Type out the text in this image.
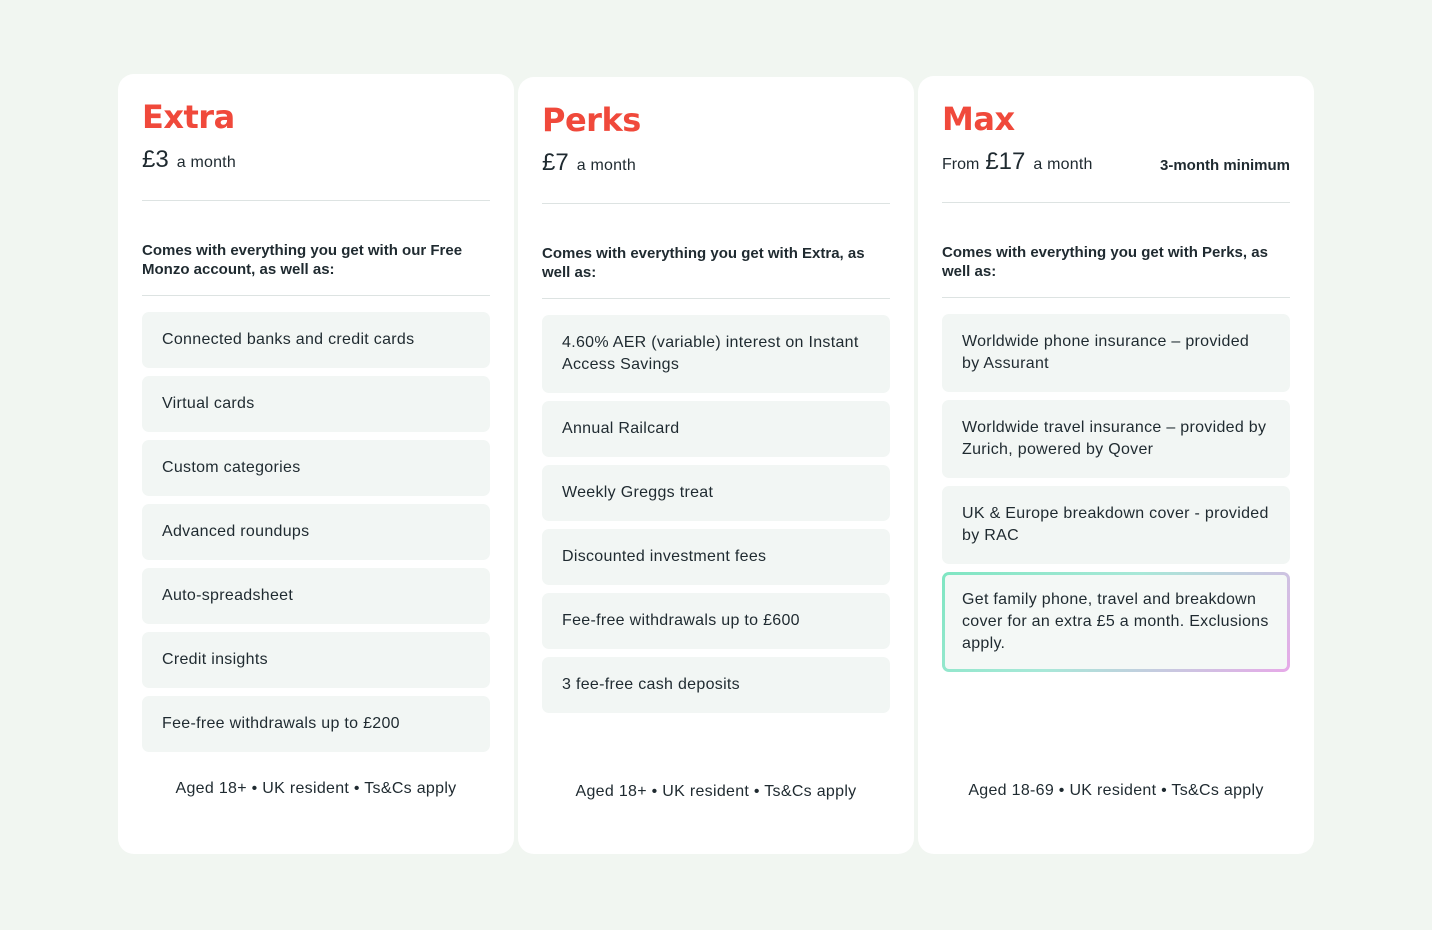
Extra
£3 a month
Comes with everything you get with our Free Monzo account, as well as:
Connected banks and credit cards
Virtual cards
Custom categories
Advanced roundups
Auto-spreadsheet
Credit insights
Fee-free withdrawals up to £200
Aged 18+ • UK resident • Ts&Cs apply
Perks
£7 a month
Comes with everything you get with Extra, as well as:
4.60% AER (variable) interest on Instant Access Savings
Annual Railcard
Weekly Greggs treat
Discounted investment fees
Fee-free withdrawals up to £600
3 fee-free cash deposits
Aged 18+ • UK resident • Ts&Cs apply
Max
From £17 a month	3-month minimum
Comes with everything you get with Perks, as well as:
Worldwide phone insurance – provided by Assurant
Worldwide travel insurance – provided by Zurich, powered by Qover
UK & Europe breakdown cover - provided by RAC
Get family phone, travel and breakdown cover for an extra £5 a month. Exclusions apply.
Aged 18-69 • UK resident • Ts&Cs apply
